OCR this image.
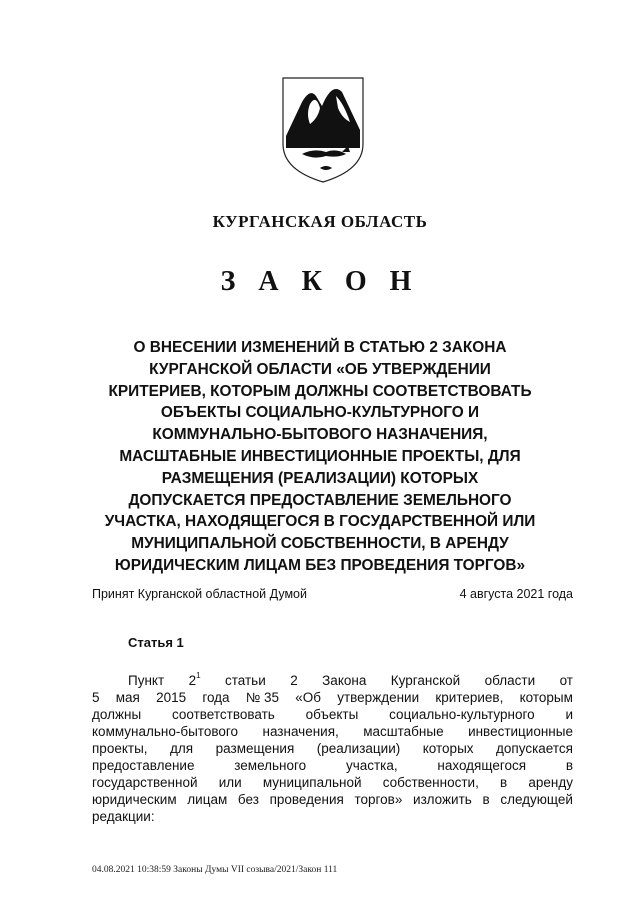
КУРГАНСКАЯ ОБЛАСТЬ
З А К О Н
О ВНЕСЕНИИ ИЗМЕНЕНИЙ В СТАТЬЮ 2 ЗАКОНА
КУРГАНСКОЙ ОБЛАСТИ «ОБ УТВЕРЖДЕНИИ
КРИТЕРИЕВ, КОТОРЫМ ДОЛЖНЫ СООТВЕТСТВОВАТЬ
ОБЪЕКТЫ СОЦИАЛЬНО-КУЛЬТУРНОГО И
КОММУНАЛЬНО-БЫТОВОГО НАЗНАЧЕНИЯ,
МАСШТАБНЫЕ ИНВЕСТИЦИОННЫЕ ПРОЕКТЫ, ДЛЯ
РАЗМЕЩЕНИЯ (РЕАЛИЗАЦИИ) КОТОРЫХ
ДОПУСКАЕТСЯ ПРЕДОСТАВЛЕНИЕ ЗЕМЕЛЬНОГО
УЧАСТКА, НАХОДЯЩЕГОСЯ В ГОСУДАРСТВЕННОЙ ИЛИ
МУНИЦИПАЛЬНОЙ СОБСТВЕННОСТИ, В АРЕНДУ
ЮРИДИЧЕСКИМ ЛИЦАМ БЕЗ ПРОВЕДЕНИЯ ТОРГОВ»
Принят Курганской областной Думой	4 августа 2021 года
Статья 1
Пункт $2^1$ статьи 2 Закона Курганской области от
5 мая 2015 года № 35 «Об утверждении критериев, которым
должны соответствовать объекты социально-культурного и
коммунально-бытового назначения, масштабные инвестиционные
проекты, для размещения (реализации) которых допускается
предоставление	земельного	участка,	находящегося	в
государственной или муниципальной собственности, в аренду
юридическим лицам без проведения торгов» изложить в следующей
редакции:
04.08.2021 10:38:59 Законы Думы VII созыва/2021/Закон 111
